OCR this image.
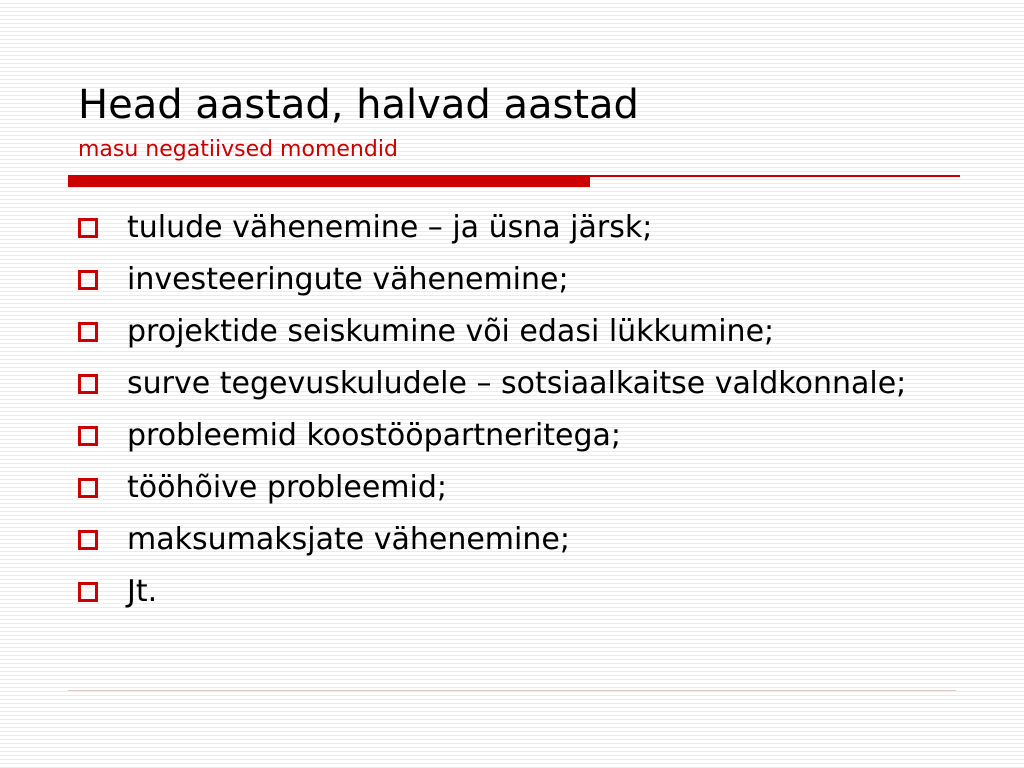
Head aastad, halvad aastad

masu negatiivsed momendid

tulude vähenemine – ja üsna järsk;
investeeringute vähenemine;
projektide seiskumine või edasi lükkumine;
surve tegevuskuludele – sotsiaalkaitse valdkonnale;
probleemid koostööpartneritega;
tööhõive probleemid;
maksumaksjate vähenemine;
Jt.
